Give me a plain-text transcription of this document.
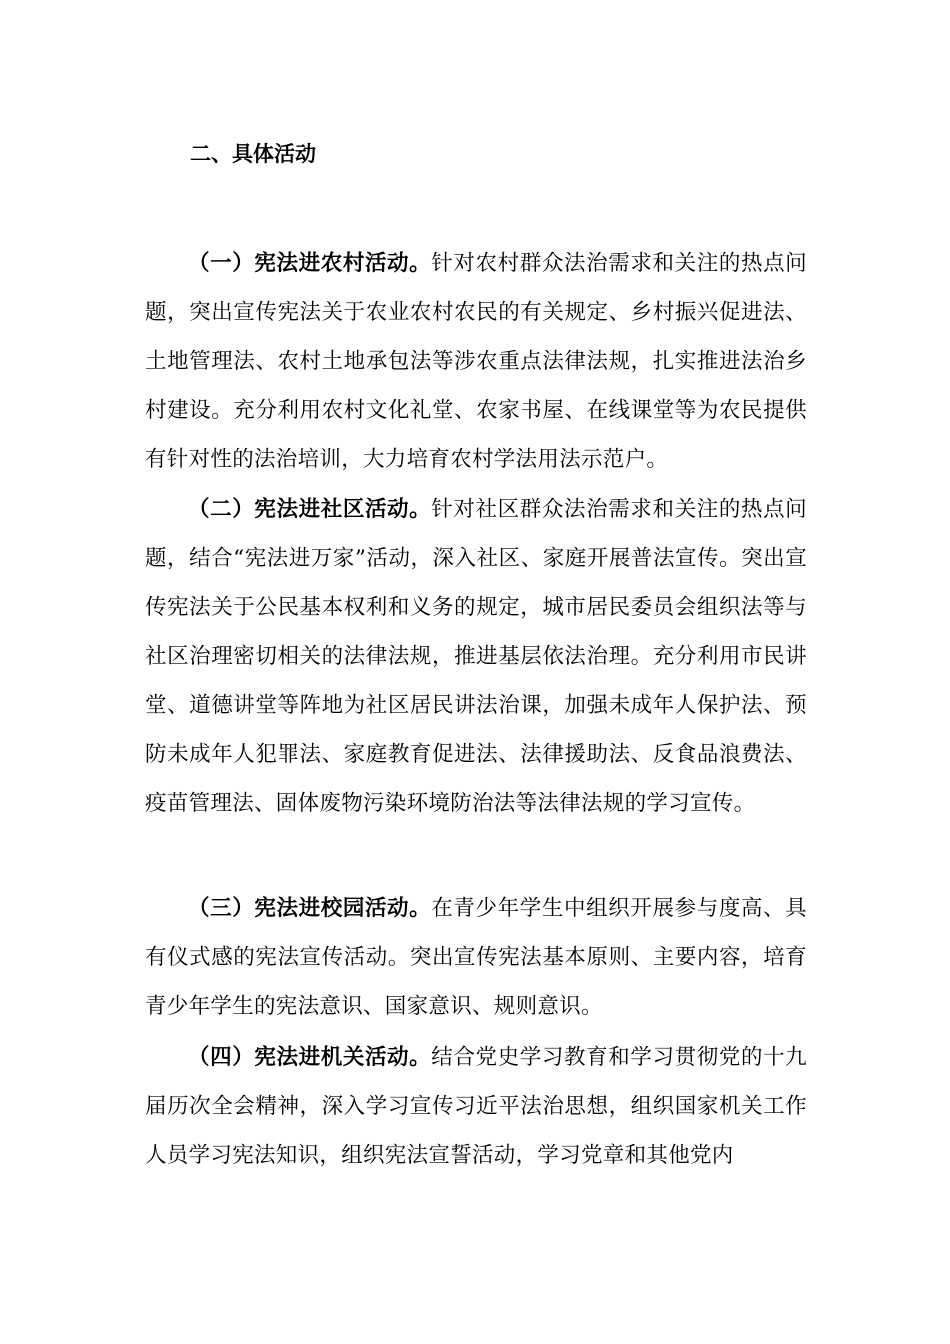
二、具体活动

（一）宪法进农村活动。针对农村群众法治需求和关注的热点问题，突出宣传宪法关于农业农村农民的有关规定、乡村振兴促进法、土地管理法、农村土地承包法等涉农重点法律法规，扎实推进法治乡村建设。充分利用农村文化礼堂、农家书屋、在线课堂等为农民提供有针对性的法治培训，大力培育农村学法用法示范户。

（二）宪法进社区活动。针对社区群众法治需求和关注的热点问题，结合“宪法进万家”活动，深入社区、家庭开展普法宣传。突出宣传宪法关于公民基本权利和义务的规定，城市居民委员会组织法等与社区治理密切相关的法律法规，推进基层依法治理。充分利用市民讲堂、道德讲堂等阵地为社区居民讲法治课，加强未成年人保护法、预防未成年人犯罪法、家庭教育促进法、法律援助法、反食品浪费法、疫苗管理法、固体废物污染环境防治法等法律法规的学习宣传。

（三）宪法进校园活动。在青少年学生中组织开展参与度高、具有仪式感的宪法宣传活动。突出宣传宪法基本原则、主要内容，培育青少年学生的宪法意识、国家意识、规则意识。

（四）宪法进机关活动。结合党史学习教育和学习贯彻党的十九届历次全会精神，深入学习宣传习近平法治思想，组织国家机关工作人员学习宪法知识，组织宪法宣誓活动，学习党章和其他党内
